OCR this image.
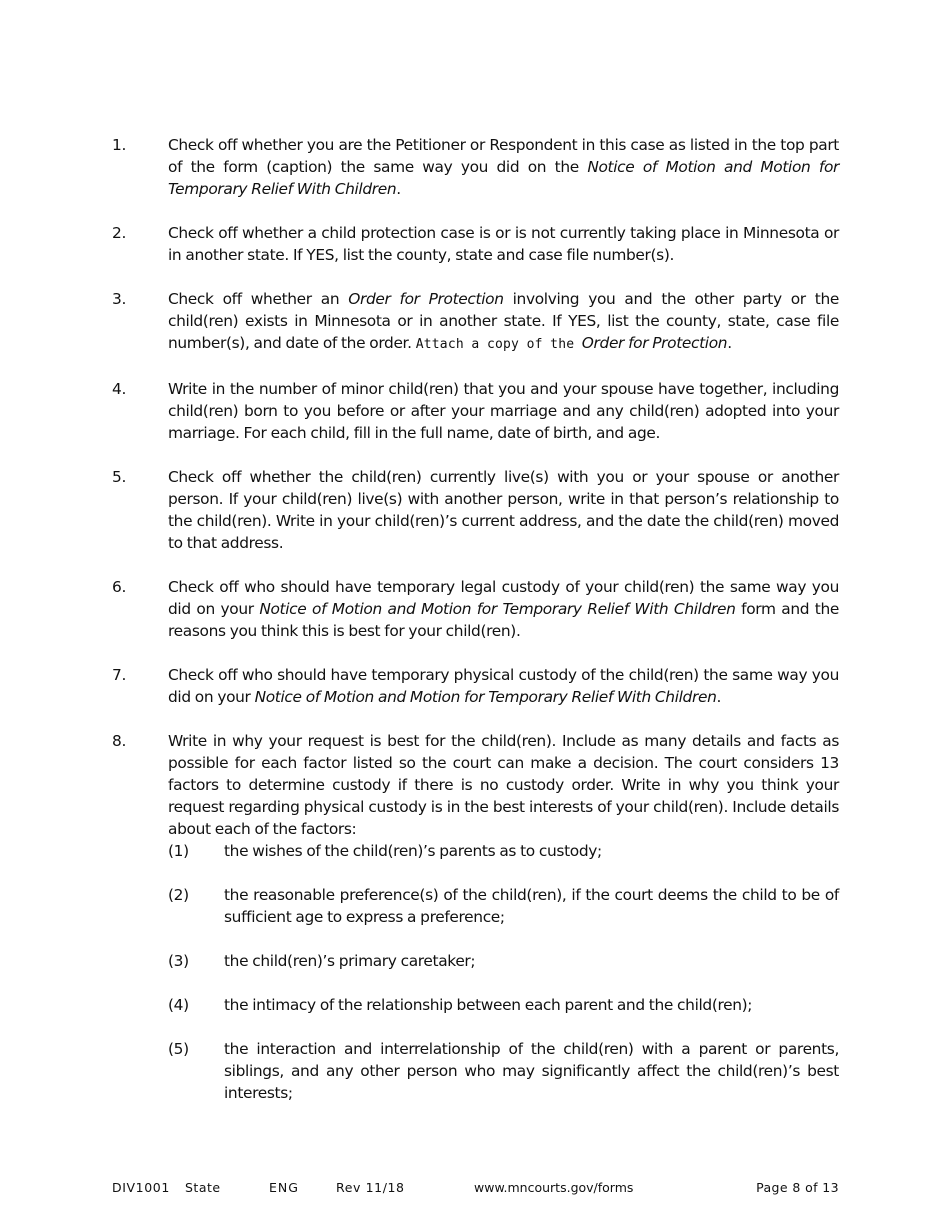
1.	Check off whether you are the Petitioner or Respondent in this case as listed in the top part of the form (caption) the same way you did on the Notice of Motion and Motion for Temporary Relief With Children.
2.	Check off whether a child protection case is or is not currently taking place in Minnesota or in another state. If YES, list the county, state and case file number(s).
3.	Check off whether an Order for Protection involving you and the other party or the child(ren) exists in Minnesota or in another state. If YES, list the county, state, case file number(s), and date of the order. Attach a copy of the Order for Protection.
4.	Write in the number of minor child(ren) that you and your spouse have together, including child(ren) born to you before or after your marriage and any child(ren) adopted into your marriage. For each child, fill in the full name, date of birth, and age.
5.	Check off whether the child(ren) currently live(s) with you or your spouse or another person. If your child(ren) live(s) with another person, write in that person’s relationship to the child(ren). Write in your child(ren)’s current address, and the date the child(ren) moved to that address.
6.	Check off who should have temporary legal custody of your child(ren) the same way you did on your Notice of Motion and Motion for Temporary Relief With Children form and the reasons you think this is best for your child(ren).
7.	Check off who should have temporary physical custody of the child(ren) the same way you did on your Notice of Motion and Motion for Temporary Relief With Children.
8.	Write in why your request is best for the child(ren). Include as many details and facts as possible for each factor listed so the court can make a decision. The court considers 13 factors to determine custody if there is no custody order. Write in why you think your request regarding physical custody is in the best interests of your child(ren). Include details about each of the factors:
(1) the wishes of the child(ren)’s parents as to custody;
(2) the reasonable preference(s) of the child(ren), if the court deems the child to be of sufficient age to express a preference;
(3) the child(ren)’s primary caretaker;
(4) the intimacy of the relationship between each parent and the child(ren);
(5) the interaction and interrelationship of the child(ren) with a parent or parents, siblings, and any other person who may significantly affect the child(ren)’s best interests;
DIV1001 State	ENG	Rev 11/18	www.mncourts.gov/forms	Page 8 of 13
